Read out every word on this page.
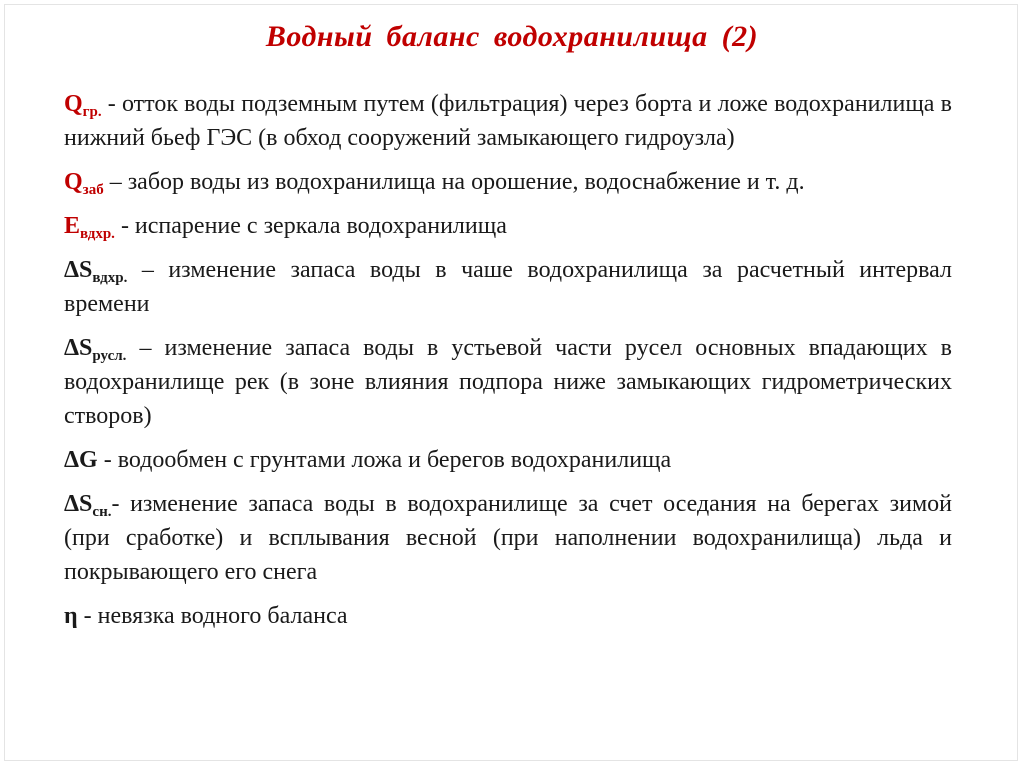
Водный баланс водохранилища (2)

$Q_{гр.}$ - отток воды подземным путем (фильтрация) через борта и ложе водохранилища в нижний бьеф ГЭС (в обход сооружений замыкающего гидроузла)

$Q_{заб}$ – забор воды из водохранилища на орошение, водоснабжение и т. д.

$E_{вдхр.}$ - испарение с зеркала водохранилища

$\Delta S_{вдхр.}$ – изменение запаса воды в чаше водохранилища за расчетный интервал времени

$\Delta S_{русл.}$ – изменение запаса воды в устьевой части русел основных впадающих в водохранилище рек (в зоне влияния подпора ниже замыкающих гидрометрических створов)

ΔG - водообмен с грунтами ложа и берегов водохранилища

$\Delta S_{сн.}-$ изменение запаса воды в водохранилище за счет оседания на берегах зимой (при сработке) и всплывания весной (при наполнении водохранилища) льда и покрывающего его снега

η - невязка водного баланса
